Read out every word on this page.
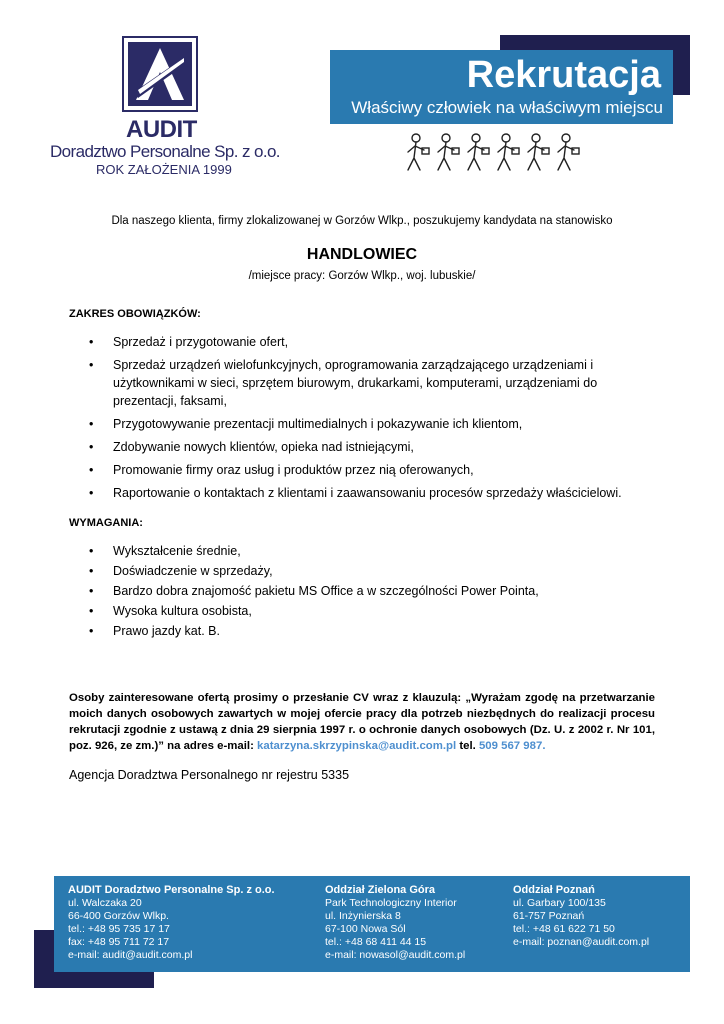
AUDIT
Doradztwo Personalne Sp. z o.o.
ROK ZAŁOŻENIA 1999
Rekrutacja
Właściwy człowiek na właściwym miejscu
Dla naszego klienta, firmy zlokalizowanej w Gorzów Wlkp., poszukujemy kandydata na stanowisko
HANDLOWIEC
/miejsce pracy: Gorzów Wlkp., woj. lubuskie/
ZAKRES OBOWIĄZKÓW:
• Sprzedaż i przygotowanie ofert,
• Sprzedaż urządzeń wielofunkcyjnych, oprogramowania zarządzającego urządzeniami i użytkownikami w sieci, sprzętem biurowym, drukarkami, komputerami, urządzeniami do prezentacji, faksami,
• Przygotowywanie prezentacji multimedialnych i pokazywanie ich klientom,
• Zdobywanie nowych klientów, opieka nad istniejącymi,
• Promowanie firmy oraz usług i produktów przez nią oferowanych,
• Raportowanie o kontaktach z klientami i zaawansowaniu procesów sprzedaży właścicielowi.
WYMAGANIA:
• Wykształcenie średnie,
• Doświadczenie w sprzedaży,
• Bardzo dobra znajomość pakietu MS Office a w szczególności Power Pointa,
• Wysoka kultura osobista,
• Prawo jazdy kat. B.
Osoby zainteresowane ofertą prosimy o przesłanie CV wraz z klauzulą: „Wyrażam zgodę na przetwarzanie moich danych osobowych zawartych w mojej ofercie pracy dla potrzeb niezbędnych do realizacji procesu rekrutacji zgodnie z ustawą z dnia 29 sierpnia 1997 r. o ochronie danych osobowych (Dz. U. z 2002 r. Nr 101, poz. 926, ze zm.)” na adres e-mail: katarzyna.skrzypinska@audit.com.pl tel. 509 567 987.
Agencja Doradztwa Personalnego nr rejestru 5335
AUDIT Doradztwo Personalne Sp. z o.o.
ul. Walczaka 20
66-400 Gorzów Wlkp.
tel.: +48 95 735 17 17
fax: +48 95 711 72 17
e-mail: audit@audit.com.pl
Oddział Zielona Góra
Park Technologiczny Interior
ul. Inżynierska 8
67-100 Nowa Sól
tel.: +48 68 411 44 15
e-mail: nowasol@audit.com.pl
Oddział Poznań
ul. Garbary 100/135
61-757 Poznań
tel.: +48 61 622 71 50
e-mail: poznan@audit.com.pl
